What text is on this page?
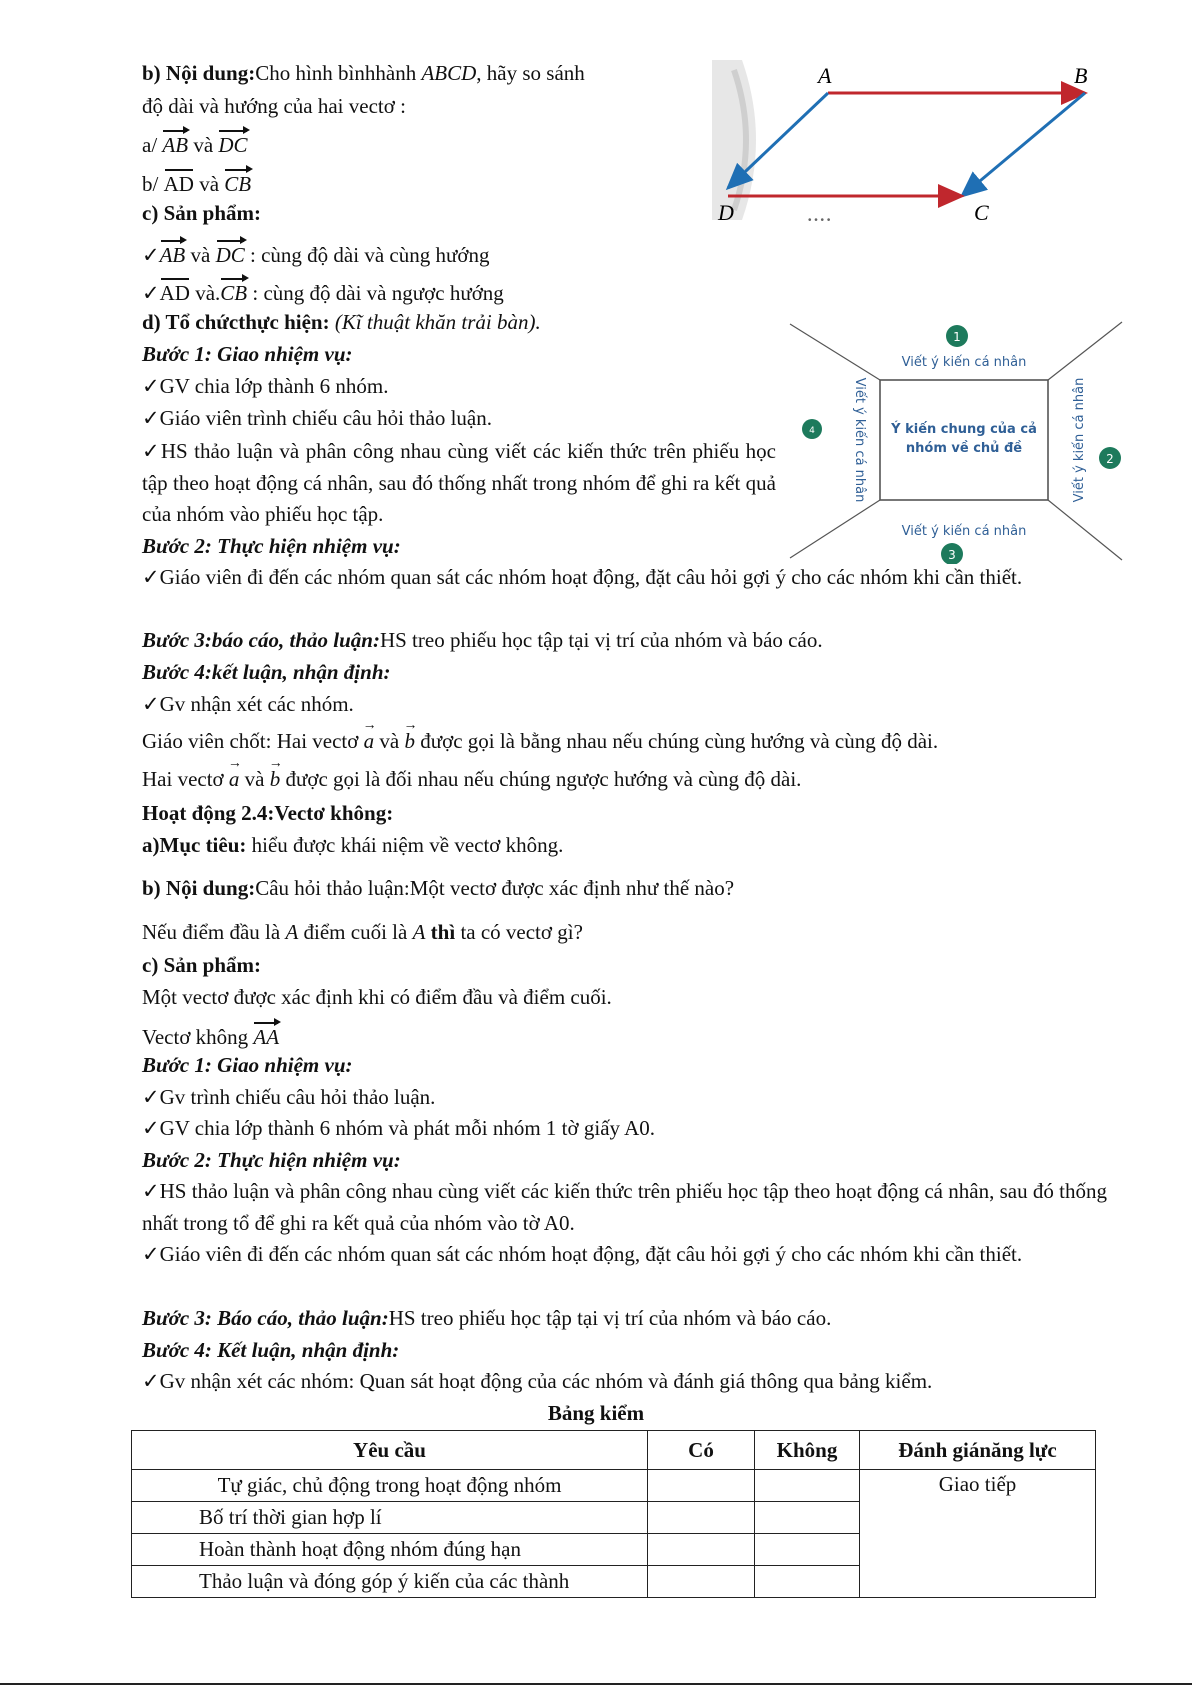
b) Nội dung:Cho hình bìnhhành ABCD, hãy so sánh
độ dài và hướng của hai vectơ :
a/ AB và DC
b/
AD và CB
c) Sản phẩm:
✓AB và DC : cùng độ dài và cùng hướng
✓
AD và.CB : cùng độ dài và ngược hướng
A	B
D	C
• • • •
d) Tổ chứcthực hiện: (Kĩ thuật khăn trải bàn).
Bước 1: Giao nhiệm vụ:
✓GV chia lớp thành 6 nhóm.
✓Giáo viên trình chiếu câu hỏi thảo luận.
✓HS thảo luận và phân công nhau cùng viết các kiến thức trên phiếu học tập theo hoạt động cá nhân, sau đó thống nhất trong nhóm để ghi ra kết quả của nhóm vào phiếu học tập.
Bước 2: Thực hiện nhiệm vụ:
1
2
3
4
Viết ý kiến cá nhân
Viết ý kiến cá nhân
Ý kiến chung của cả
nhóm về chủ đề
Viết ý kiến cá nhân	Viết ý kiến cá nhân
✓Giáo viên đi đến các nhóm quan sát các nhóm hoạt động, đặt câu hỏi gợi ý cho các nhóm khi cần thiết.
Bước 3:báo cáo, thảo luận:HS treo phiếu học tập tại vị trí của nhóm và báo cáo.
Bước 4:kết luận, nhận định:
✓Gv nhận xét các nhóm.
Giáo viên chốt: Hai vectơ a → và b → được gọi là bằng nhau nếu chúng cùng hướng và cùng độ dài.
Hai vectơ a → và b → được gọi là đối nhau nếu chúng ngược hướng và cùng độ dài.
Hoạt động 2.4:Vectơ không:
a)Mục tiêu: hiểu được khái niệm về vectơ không.
b) Nội dung:Câu hỏi thảo luận:Một vectơ được xác định như thế nào?
Nếu điểm đầu là A điểm cuối là A thì ta có vectơ gì?
c) Sản phẩm:
Một vectơ được xác định khi có điểm đầu và điểm cuối.
Vectơ không AA
Bước 1: Giao nhiệm vụ:
✓Gv trình chiếu câu hỏi thảo luận.
✓GV chia lớp thành 6 nhóm và phát mỗi nhóm 1 tờ giấy A0.
Bước 2: Thực hiện nhiệm vụ:
✓HS thảo luận và phân công nhau cùng viết các kiến thức trên phiếu học tập theo hoạt động cá nhân, sau đó thống nhất trong tổ để ghi ra kết quả của nhóm vào tờ A0.
✓Giáo viên đi đến các nhóm quan sát các nhóm hoạt động, đặt câu hỏi gợi ý cho các nhóm khi cần thiết.
Bước 3: Báo cáo, thảo luận:HS treo phiếu học tập tại vị trí của nhóm và báo cáo.
Bước 4: Kết luận, nhận định:
✓Gv nhận xét các nhóm: Quan sát hoạt động của các nhóm và đánh giá thông qua bảng kiểm.
Bảng kiểm
Yêu cầu	Có	Không	Đánh giánăng lực
Tự giác, chủ động trong hoạt động nhóm			Giao tiếp
Bố trí thời gian hợp lí			
Hoàn thành hoạt động nhóm đúng hạn			
Thảo luận và đóng góp ý kiến của các thành			
